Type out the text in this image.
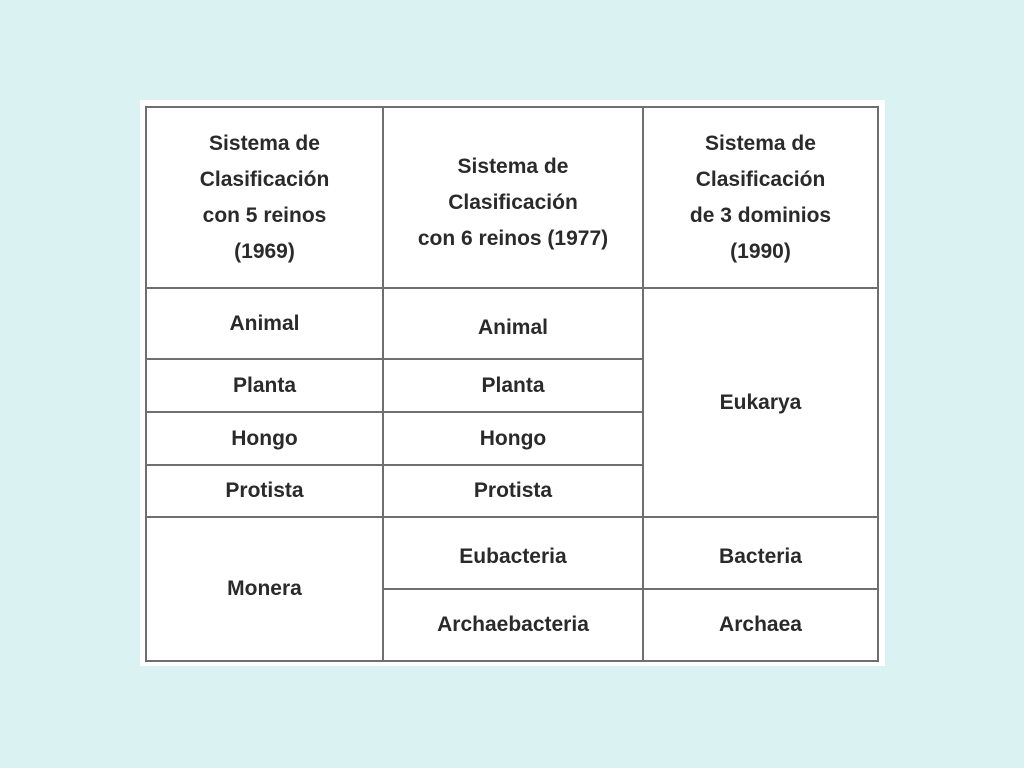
Sistema de
Clasificación
con 5 reinos
(1969)	Sistema de
Clasificación
con 6 reinos (1977)	Sistema de
Clasificación
de 3 dominios
(1990)
Animal	Animal	Eukarya
Planta	Planta	
Hongo	Hongo	
Protista	Protista	
Monera	Eubacteria	Bacteria
	Archaebacteria	Archaea
